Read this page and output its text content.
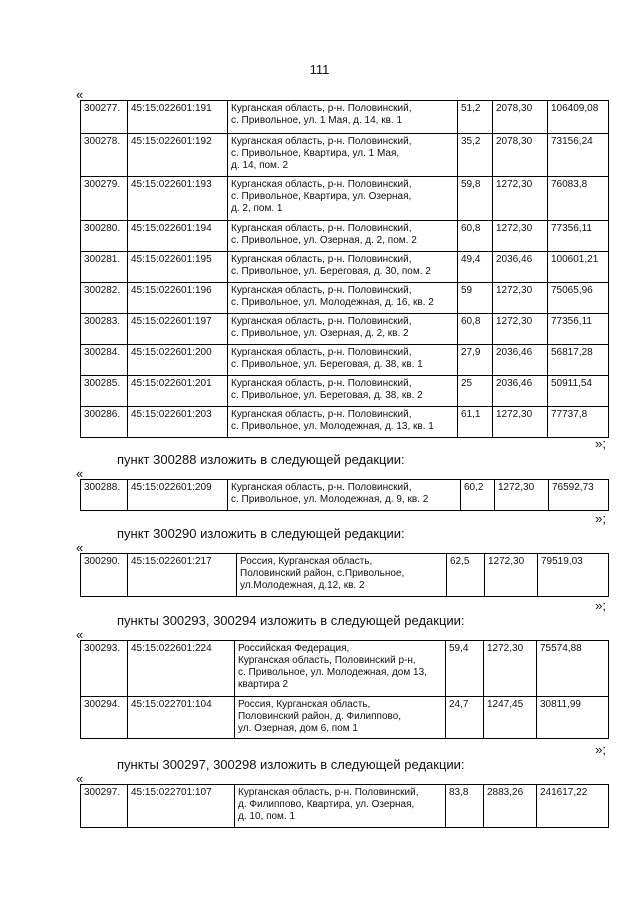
111
«
300277.	45:15:022601:191	Курганская область, р-н. Половинский,
с. Привольное, ул. 1 Мая, д. 14, кв. 1	51,2	2078,30	106409,08
300278.	45:15:022601:192	Курганская область, р-н. Половинский,
с. Привольное, Квартира, ул. 1 Мая,
д. 14, пом. 2	35,2	2078,30	73156,24
300279.	45:15:022601:193	Курганская область, р-н. Половинский,
с. Привольное, Квартира, ул. Озерная,
д. 2, пом. 1	59,8	1272,30	76083,8
300280.	45:15:022601:194	Курганская область, р-н. Половинский,
с. Привольное, ул. Озерная, д. 2, пом. 2	60,8	1272,30	77356,11
300281.	45:15:022601:195	Курганская область, р-н. Половинский,
с. Привольное, ул. Береговая, д. 30, пом. 2	49,4	2036,46	100601,21
300282.	45:15:022601:196	Курганская область, р-н. Половинский,
с. Привольное, ул. Молодежная, д. 16, кв. 2	59	1272,30	75065,96
300283.	45:15:022601:197	Курганская область, р-н. Половинский,
с. Привольное, ул. Озерная, д. 2, кв. 2	60,8	1272,30	77356,11
300284.	45:15:022601:200	Курганская область, р-н. Половинский,
с. Привольное, ул. Береговая, д. 38, кв. 1	27,9	2036,46	56817,28
300285.	45:15:022601:201	Курганская область, р-н. Половинский,
с. Привольное, ул. Береговая, д. 38, кв. 2	25	2036,46	50911,54
300286.	45:15:022601:203	Курганская область, р-н. Половинский,
с. Привольное, ул. Молодежная, д. 13, кв. 1	61,1	1272,30	77737,8
»;
пункт 300288 изложить в следующей редакции:
«
300288.	45:15:022601:209	Курганская область, р-н. Половинский,
с. Привольное, ул. Молодежная, д. 9, кв. 2	60,2	1272,30	76592,73
»;
пункт 300290 изложить в следующей редакции:
«
300290.	45:15:022601:217	Россия, Курганская область,
Половинский район, с.Привольное,
ул.Молодежная, д.12, кв. 2	62,5	1272,30	79519,03
»;
пункты 300293, 300294 изложить в следующей редакции:
«
300293.	45:15:022601:224	Российская Федерация,
Курганская область, Половинский р-н,
с. Привольное, ул. Молодежная, дом 13,
квартира 2	59,4	1272,30	75574,88
300294.	45:15:022701:104	Россия, Курганская область,
Половинский район, д. Филиппово,
ул. Озерная, дом 6, пом 1	24,7	1247,45	30811,99
»;
пункты 300297, 300298 изложить в следующей редакции:
«
300297.	45:15:022701:107	Курганская область, р-н. Половинский,
д. Филиппово, Квартира, ул. Озерная,
д. 10, пом. 1	83,8	2883,26	241617,22
